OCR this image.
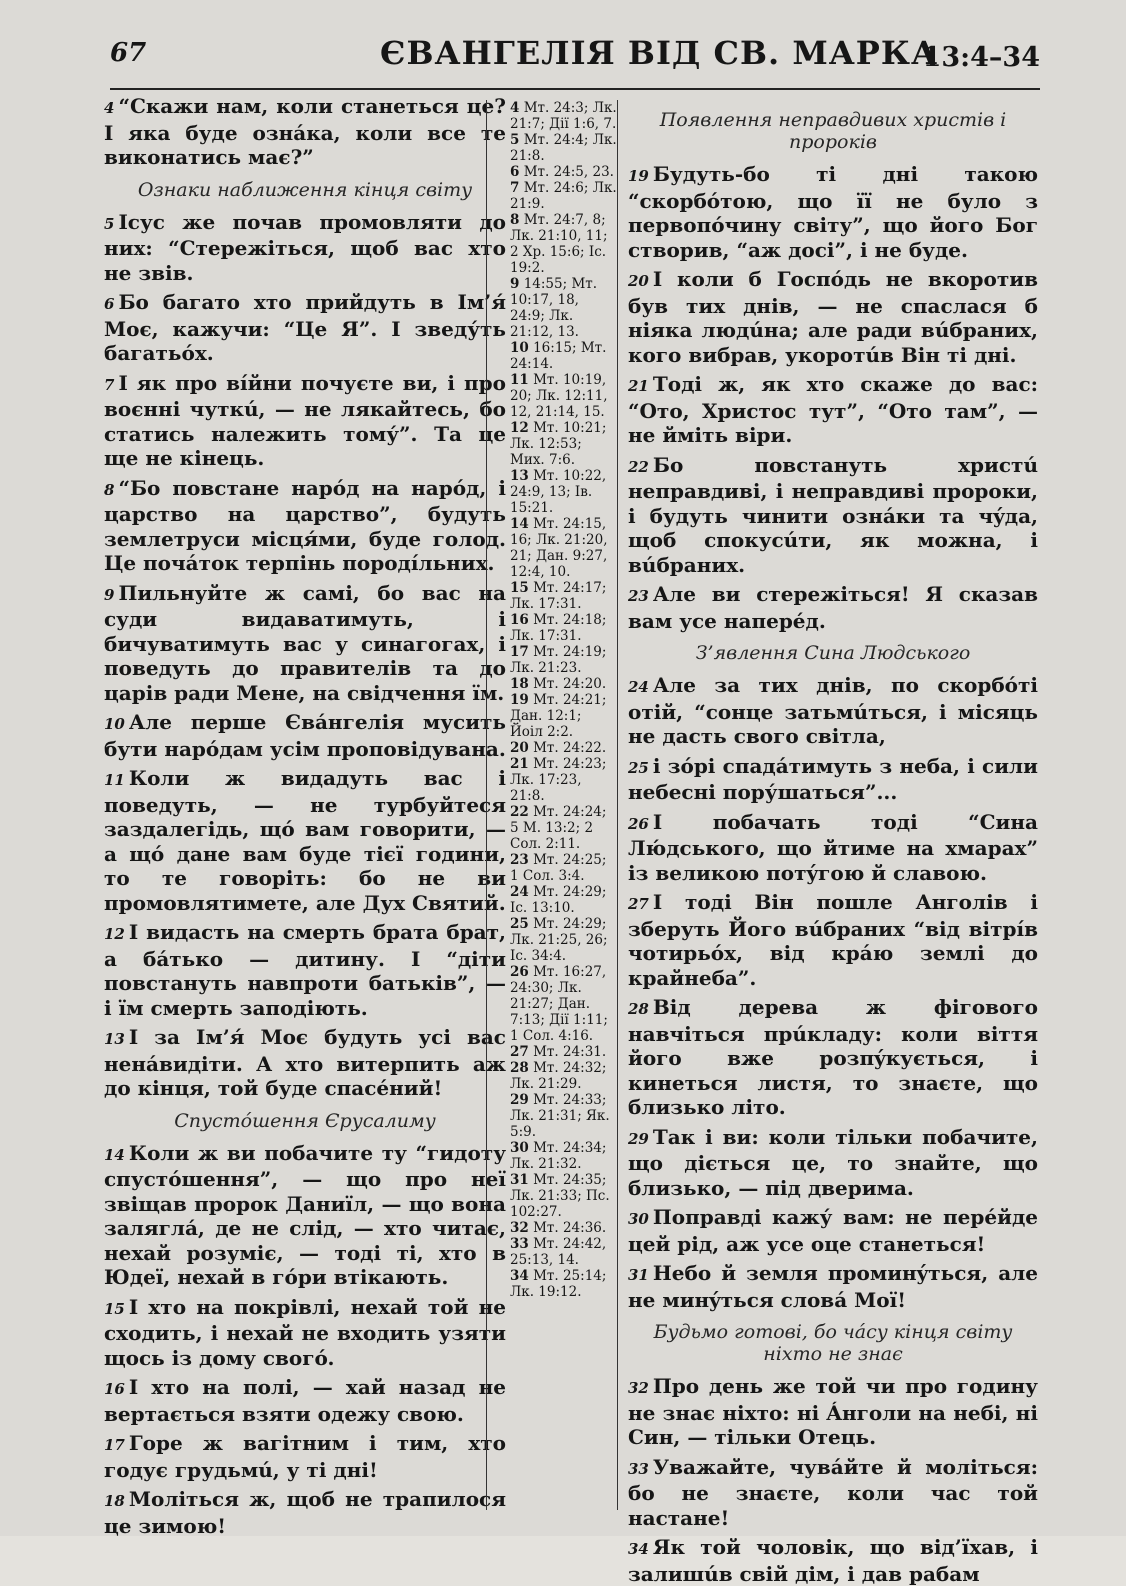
67	ЄВАНГЕЛІЯ ВІД СВ. МАРКА
13:4–34

4 “Скажи нам, коли станеться це? І яка буде ознáка, коли все те виконатись має?”

Ознаки наближення кінця світу

5 Ісус же почав промовляти до них: “Стережіться, щоб вас хто не звів.

6 Бо багато хто прийдуть в Ім’я́ Моє, кажучи: “Це Я”. І зведу́ть багатьóх.

7 І як про вíйни почуєте ви, і про воєнні чуткú, — не лякайтесь, бо статись належить тому́”. Та це ще не кінець.

8 “Бо повстане нарóд на нарóд, і царство на царство”, будуть землетруси місця́ми, буде голод. Це почáток терпінь породíльних.

9 Пильнуйте ж самі, бо вас на суди видаватимуть, і бичуватимуть вас у синагогах, і поведуть до правителів та до царів ради Мене, на свідчення їм.

10 Але перше Єва́нгелія мусить бути нарóдам усім проповідувана.

11 Коли ж видадуть вас і поведуть, — не турбуйтеся заздалегідь, щó вам говорити, — а щó дане вам буде тієї години, то те говоріть: бо не ви промовлятимете, але Дух Святий.

12 І видасть на смерть брата брат, а бáтько — дитину. І “діти повстануть навпроти батьків”, — і їм смерть заподіють.

13 І за Ім’я́ Моє будуть усі вас ненáвидіти. А хто витерпить аж до кінця, той буде спасéний!

Спустóшення Єрусалиму

14 Коли ж ви побачите ту “гидоту спустóшення”, — що про неї звіщав пророк Даниїл, — що вона залягла́, де не слід, — хто читає, нехай розуміє, — тоді ті, хто в Юдеї, нехай в гóри втікають.

15 І хто на покрівлі, нехай той не сходить, і нехай не входить узяти щось із дому свогó.

16 І хто на полі, — хай назад не вертається взяти одежу свою.

17 Горе ж вагітним і тим, хто годує грудьмú, у ті дні!

18 Моліться ж, щоб не трапилося це зимою!

4 Мт. 24:3; Лк. 21:7; Дії 1:6, 7.
5 Мт. 24:4; Лк. 21:8.
6 Мт. 24:5, 23.
7 Мт. 24:6; Лк. 21:9.
8 Мт. 24:7, 8; Лк. 21:10, 11; 2 Хр. 15:6; Іс. 19:2.
9 14:55; Мт. 10:17, 18, 24:9; Лк. 21:12, 13.
10 16:15; Мт. 24:14.
11 Мт. 10:19, 20; Лк. 12:11, 12, 21:14, 15.
12 Мт. 10:21; Лк. 12:53; Мих. 7:6.
13 Мт. 10:22, 24:9, 13; Ів. 15:21.
14 Мт. 24:15, 16; Лк. 21:20, 21; Дан. 9:27, 12:4, 10.
15 Мт. 24:17; Лк. 17:31.
16 Мт. 24:18; Лк. 17:31.
17 Мт. 24:19; Лк. 21:23.
18 Мт. 24:20.
19 Мт. 24:21; Дан. 12:1; Йоіл 2:2.
20 Мт. 24:22.
21 Мт. 24:23; Лк. 17:23, 21:8.
22 Мт. 24:24; 5 М. 13:2; 2 Сол. 2:11.
23 Мт. 24:25; 1 Сол. 3:4.
24 Мт. 24:29; Іс. 13:10.
25 Мт. 24:29; Лк. 21:25, 26; Іс. 34:4.
26 Мт. 16:27, 24:30; Лк. 21:27; Дан. 7:13; Дії 1:11; 1 Сол. 4:16.
27 Мт. 24:31.
28 Мт. 24:32; Лк. 21:29.
29 Мт. 24:33; Лк. 21:31; Як. 5:9.
30 Мт. 24:34; Лк. 21:32.
31 Мт. 24:35; Лк. 21:33; Пс. 102:27.
32 Мт. 24:36.
33 Мт. 24:42, 25:13, 14.
34 Мт. 25:14; Лк. 19:12.
Появлення неправдивих христів і пророків

19 Будуть-бо ті дні такою “скорбóтою, що її не було з первопóчину світу”, що його Бог створив, “аж досі”, і не буде.

20 І коли б Госпóдь не вкоротив був тих днів, — не спаслася б ніяка людúна; але ради вúбраних, кого вибрав, укоротúв Він ті дні.

21 Тоді ж, як хто скаже до вас: “Ото, Христос тут”, “Ото там”, — не йміть віри.

22 Бо повстануть христú неправдиві, і неправдиві пророки, і будуть чинити ознáки та чýда, щоб спокусúти, як можна, і вúбраних.

23 Але ви стережіться! Я сказав вам усе напере́д.

З’явлення Сина Людського

24 Але за тих днів, по скорбóті отій, “сонце затьмúться, і місяць не дасть свого світла,

25 і зóрі спадáтимуть з неба, і сили небесні пору́шаться”...

26 І побачать тоді “Сина Лю́дського, що йтиме на хмарах” із великою потýгою й славою.

27 І тоді Він пошле Анголів і зберуть Його вúбраних “від вітрíв чотирьóх, від крáю землі до крайнеба”.

28 Від дерева ж фігового навчіться прúкладу: коли віття його вже розпýкується, і кинеться листя, то знаєте, що близько літо.

29 Так і ви: коли тільки побачите, що діється це, то знайте, що близько, — під дверима.

30 Поправді кажу́ вам: не перéйде цей рід, аж усе оце станеться!

31 Небо й земля проминýться, але не минýться словá Мої!

Будьмо готові, бо чáсу кінця світу ніхто не знає

32 Про день же той чи про годину не знає ніхто: ні Áнголи на небі, ні Син, — тільки Отець.

33 Уважайте, чувáйте й моліться: бо не знаєте, коли час той настане!

34 Як той чоловік, що від’їхав, і залишúв свій дім, і дав рабам
